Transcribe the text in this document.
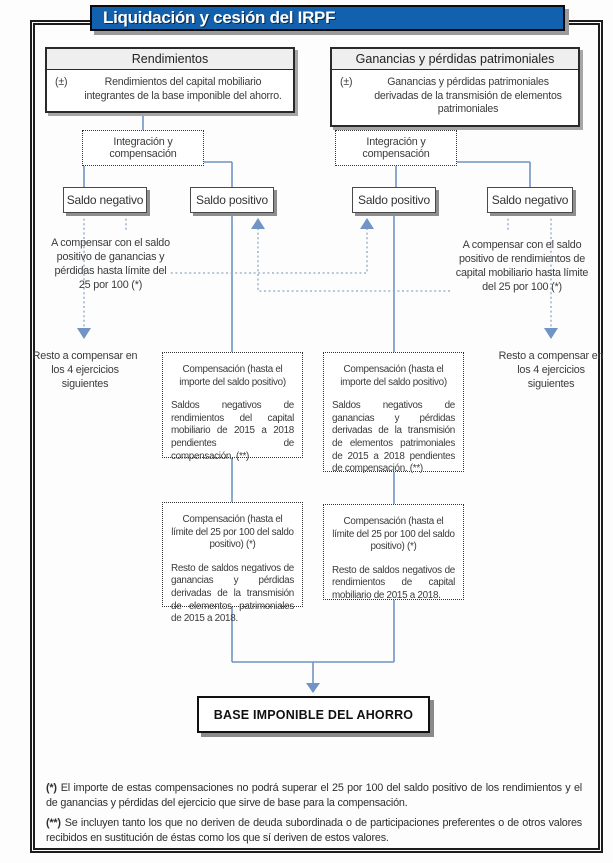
Liquidación y cesión del IRPF
Rendimientos
(±)	Rendimientos del capital mobiliario integrantes de la base imponible del ahorro.
Ganancias y pérdidas patrimoniales
(±)	Ganancias y pérdidas patrimoniales derivadas de la transmisión de elementos patrimoniales
Integración y compensación
Integración y compensación
Saldo negativo	Saldo positivo	Saldo positivo	Saldo negativo
A compensar con el saldo positivo de ganancias y pérdidas hasta límite del 25 por 100 (*)
A compensar con el saldo positivo de rendimientos de capital mobiliario hasta límite del 25 por 100 (*)
Resto a compensar en los 4 ejercicios siguientes
Resto a compensar en los 4 ejercicios siguientes

Compensación (hasta el importe del saldo positivo)

Saldos negativos de rendimientos del capital mobiliario de 2015 a 2018 pendientes de compensación. (**)

Compensación (hasta el importe del saldo positivo)

Saldos negativos de ganancias y pérdidas derivadas de la transmisión de elementos patrimoniales de 2015 a 2018 pendientes de compensación. (**)

Compensación (hasta el límite del 25 por 100 del saldo positivo) (*)

Resto de saldos negativos de ganancias y pérdidas derivadas de la transmisión de elementos patrimoniales de 2015 a 2018.

Compensación (hasta el límite del 25 por 100 del saldo positivo) (*)

Resto de saldos negativos de rendimientos de capital mobiliario de 2015 a 2018.

BASE IMPONIBLE DEL AHORRO

(*) El importe de estas compensaciones no podrá superar el 25 por 100 del saldo positivo de los rendimientos y el de ganancias y pérdidas del ejercicio que sirve de base para la compensación.

(**) Se incluyen tanto los que no deriven de deuda subordinada o de participaciones preferentes o de otros valores recibidos en sustitución de éstas como los que sí deriven de estos valores.
